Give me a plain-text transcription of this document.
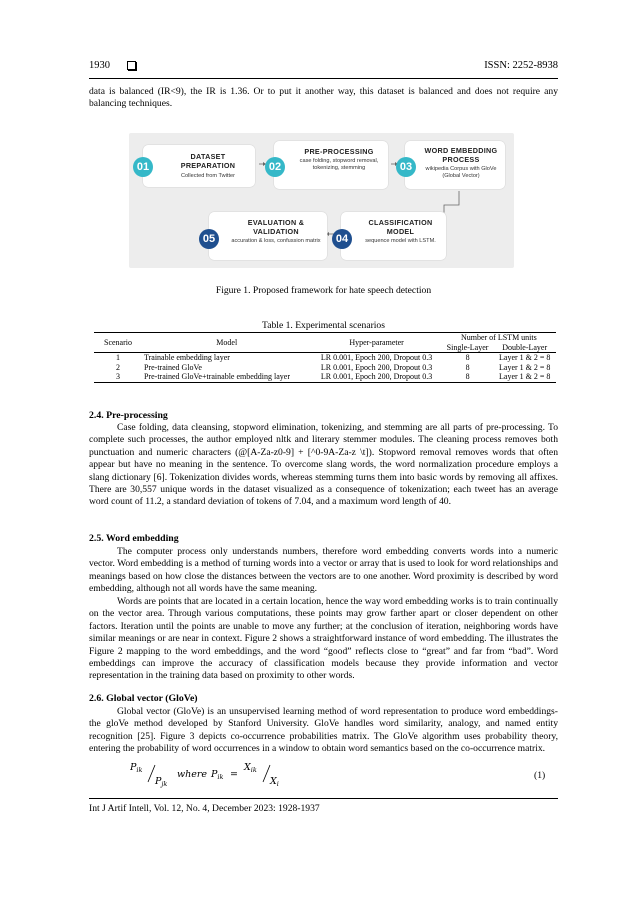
1930	ISSN: 2252-8938

data is balanced (IR<9), the IR is 1.36. Or to put it another way, this dataset is balanced and does not require any balancing techniques.

DATASET PREPARATION
Collected from Twitter
01
PRE-PROCESSING
case folding, stopword removal, tokenizing, stemming
02
WORD EMBEDDING PROCESS
wikipedia Corpus with GloVe (Global Vector)
03
EVALUATION & VALIDATION
accuration & loss, confussion matrix
05
CLASSIFICATION MODEL
sequence model with LSTM.
04
Figure 1. Proposed framework for hate speech detection
Table 1. Experimental scenarios
Scenario	Model	Hyper-parameter	Number of LSTM units	
			Single-Layer	Double-Layer
1	Trainable embedding layer	LR 0.001, Epoch 200, Dropout 0.3	8	Layer 1 & 2 = 8
2	Pre-trained GloVe	LR 0.001, Epoch 200, Dropout 0.3	8	Layer 1 & 2 = 8
3	Pre-trained GloVe+trainable embedding layer	LR 0.001, Epoch 200, Dropout 0.3	8	Layer 1 & 2 = 8
2.4. Pre-processing

Case folding, data cleansing, stopword elimination, tokenizing, and stemming are all parts of pre-processing. To complete such processes, the author employed nltk and literary stemmer modules. The cleaning process removes both punctuation and numeric characters (@[A-Za-z0-9] + [^0-9A-Za-z \t]). Stopword removal removes words that often appear but have no meaning in the sentence. To overcome slang words, the word normalization procedure employs a slang dictionary [6]. Tokenization divides words, whereas stemming turns them into basic words by removing all affixes. There are 30,557 unique words in the dataset visualized as a consequence of tokenization; each tweet has an average word count of 11.2, a standard deviation of tokens of 7.04, and a maximum word length of 40.

2.5. Word embedding

The computer process only understands numbers, therefore word embedding converts words into a numeric vector. Word embedding is a method of turning words into a vector or array that is used to look for word relationships and meanings based on how close the distances between the vectors are to one another. Word proximity is described by word embedding, although not all words have the same meaning.

Words are points that are located in a certain location, hence the way word embedding works is to train continually on the vector area. Through various computations, these points may grow farther apart or closer dependent on other factors. Iteration until the points are unable to move any further; at the conclusion of iteration, neighboring words have similar meanings or are near in context. Figure 2 shows a straightforward instance of word embedding. The illustrates the Figure 2 mapping to the word embeddings, and the word “good” reflects close to “great” and far from “bad”. Word embeddings can improve the accuracy of classification models because they provide information and vector representation in the training data based on proximity to other words.

2.6. Global vector (GloVe)

Global vector (GloVe) is an unsupervised learning method of word representation to produce word embeddings-the gloVe method developed by Stanford University. GloVe handles word similarity, analogy, and named entity recognition [25]. Figure 3 depicts co-occurrence probabilities matrix. The GloVe algorithm uses probability theory, entering the probability of word occurrences in a window to obtain word semantics based on the co-occurrence matrix.

$P_{ik}$
$P_{jk}$
where $P_{ik}$ =
$X_{ik}$
$X_i$
(1)
Int J Artif Intell, Vol. 12, No. 4, December 2023: 1928-1937
